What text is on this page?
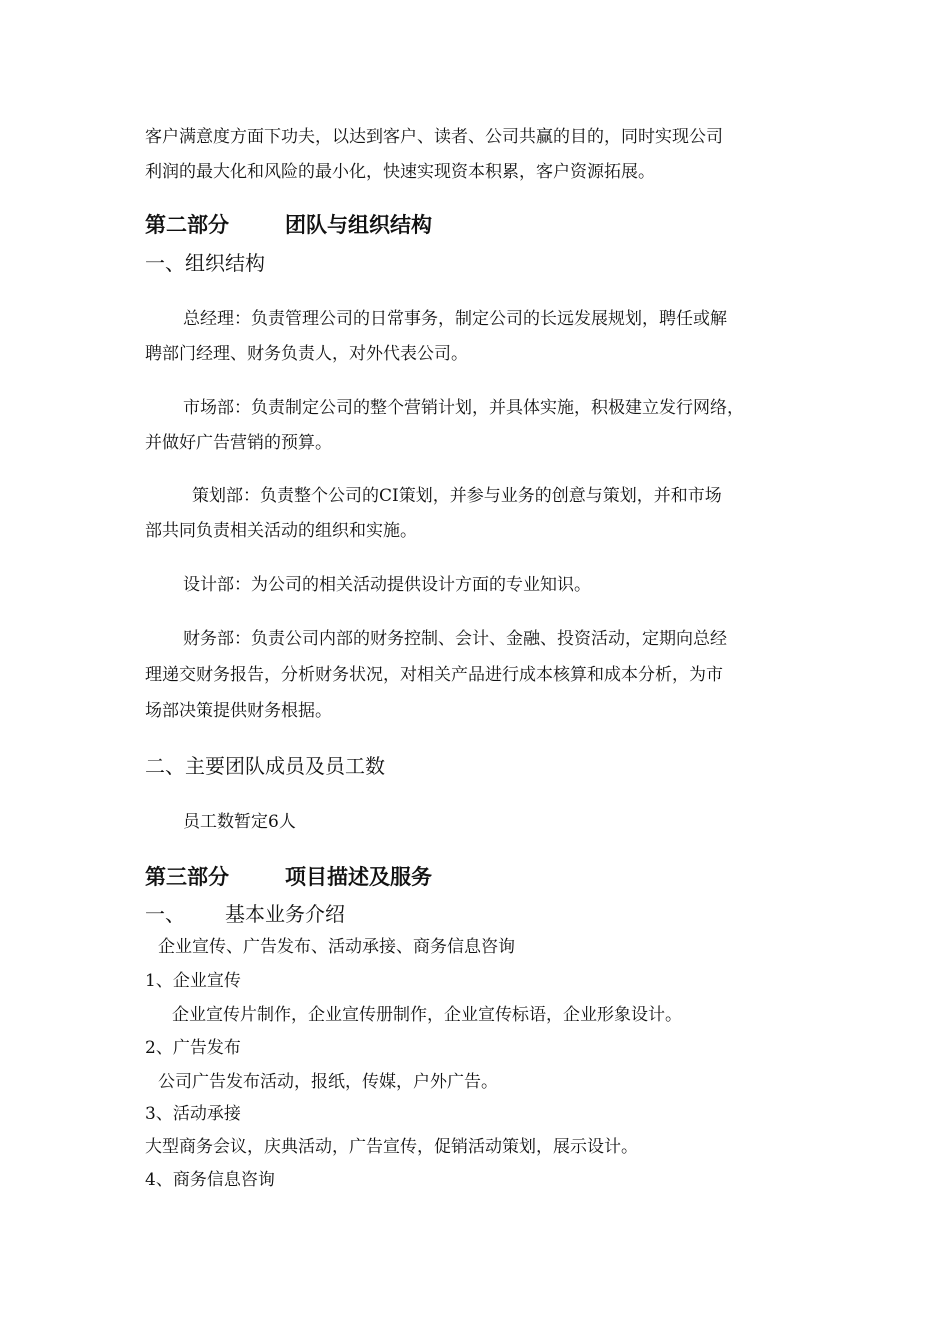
客户满意度方面下功夫，以达到客户、读者、公司共赢的目的，同时实现公司
利润的最大化和风险的最小化，快速实现资本积累，客户资源拓展。
第二部分	团队与组织结构
一、组织结构
总经理：负责管理公司的日常事务，制定公司的长远发展规划，聘任或解
聘部门经理、财务负责人，对外代表公司。
市场部：负责制定公司的整个营销计划，并具体实施，积极建立发行网络，
并做好广告营销的预算。
策划部：负责整个公司的CI策划，并参与业务的创意与策划，并和市场
部共同负责相关活动的组织和实施。
设计部：为公司的相关活动提供设计方面的专业知识。
财务部：负责公司内部的财务控制、会计、金融、投资活动，定期向总经
理递交财务报告，分析财务状况，对相关产品进行成本核算和成本分析，为市
场部决策提供财务根据。
二、主要团队成员及员工数
员工数暂定6人
第三部分	项目描述及服务
一、 基本业务介绍
企业宣传、广告发布、活动承接、商务信息咨询
1、企业宣传
企业宣传片制作，企业宣传册制作，企业宣传标语，企业形象设计。
2、广告发布
公司广告发布活动，报纸，传媒，户外广告。
3、活动承接
大型商务会议，庆典活动，广告宣传，促销活动策划，展示设计。
4、商务信息咨询
